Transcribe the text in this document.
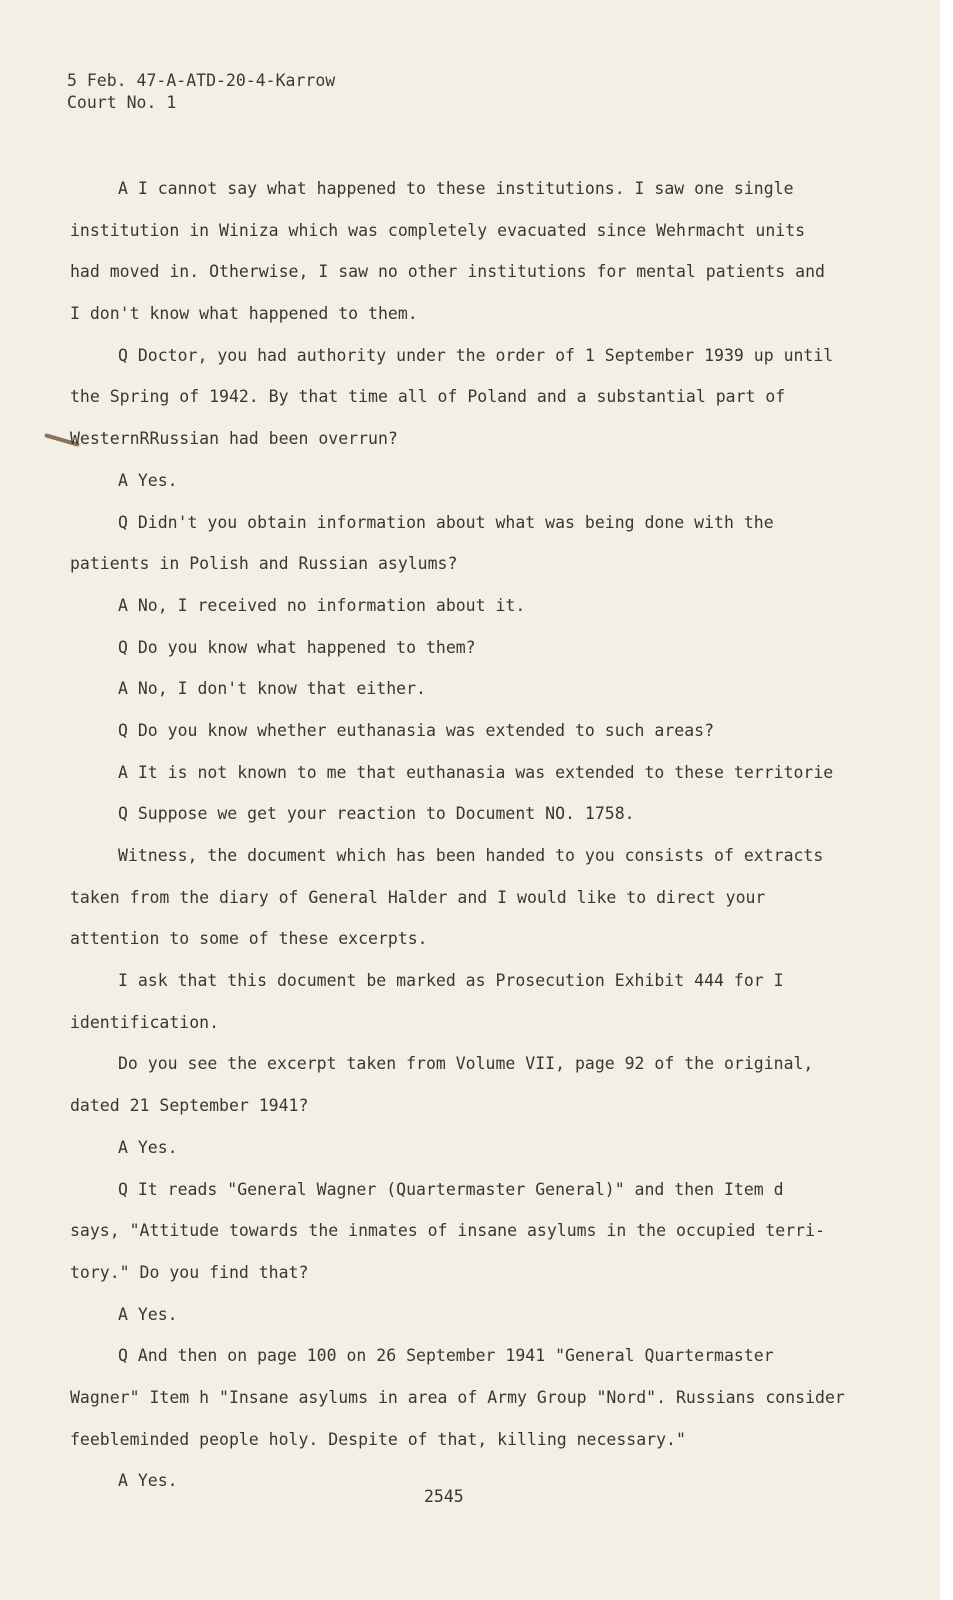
5 Feb. 47-A-ATD-20-4-Karrow
Court No. 1
A I cannot say what happened to these institutions. I saw one single
institution in Winiza which was completely evacuated since Wehrmacht units
had moved in. Otherwise, I saw no other institutions for mental patients and
I don't know what happened to them.
Q Doctor, you had authority under the order of 1 September 1939 up until
the Spring of 1942. By that time all of Poland and a substantial part of
WesternRRussian had been overrun?
A Yes.
Q Didn't you obtain information about what was being done with the
patients in Polish and Russian asylums?
A No, I received no information about it.
Q Do you know what happened to them?
A No, I don't know that either.
Q Do you know whether euthanasia was extended to such areas?
A It is not known to me that euthanasia was extended to these territorie
Q Suppose we get your reaction to Document NO. 1758.
Witness, the document which has been handed to you consists of extracts
taken from the diary of General Halder and I would like to direct your
attention to some of these excerpts.
I ask that this document be marked as Prosecution Exhibit 444 for I
identification.
Do you see the excerpt taken from Volume VII, page 92 of the original,
dated 21 September 1941?
A Yes.
Q It reads "General Wagner (Quartermaster General)" and then Item d
says, "Attitude towards the inmates of insane asylums in the occupied terri-
tory." Do you find that?
A Yes.
Q And then on page 100 on 26 September 1941 "General Quartermaster
Wagner" Item h "Insane asylums in area of Army Group "Nord". Russians consider
feebleminded people holy. Despite of that, killing necessary."
A Yes.
2545
